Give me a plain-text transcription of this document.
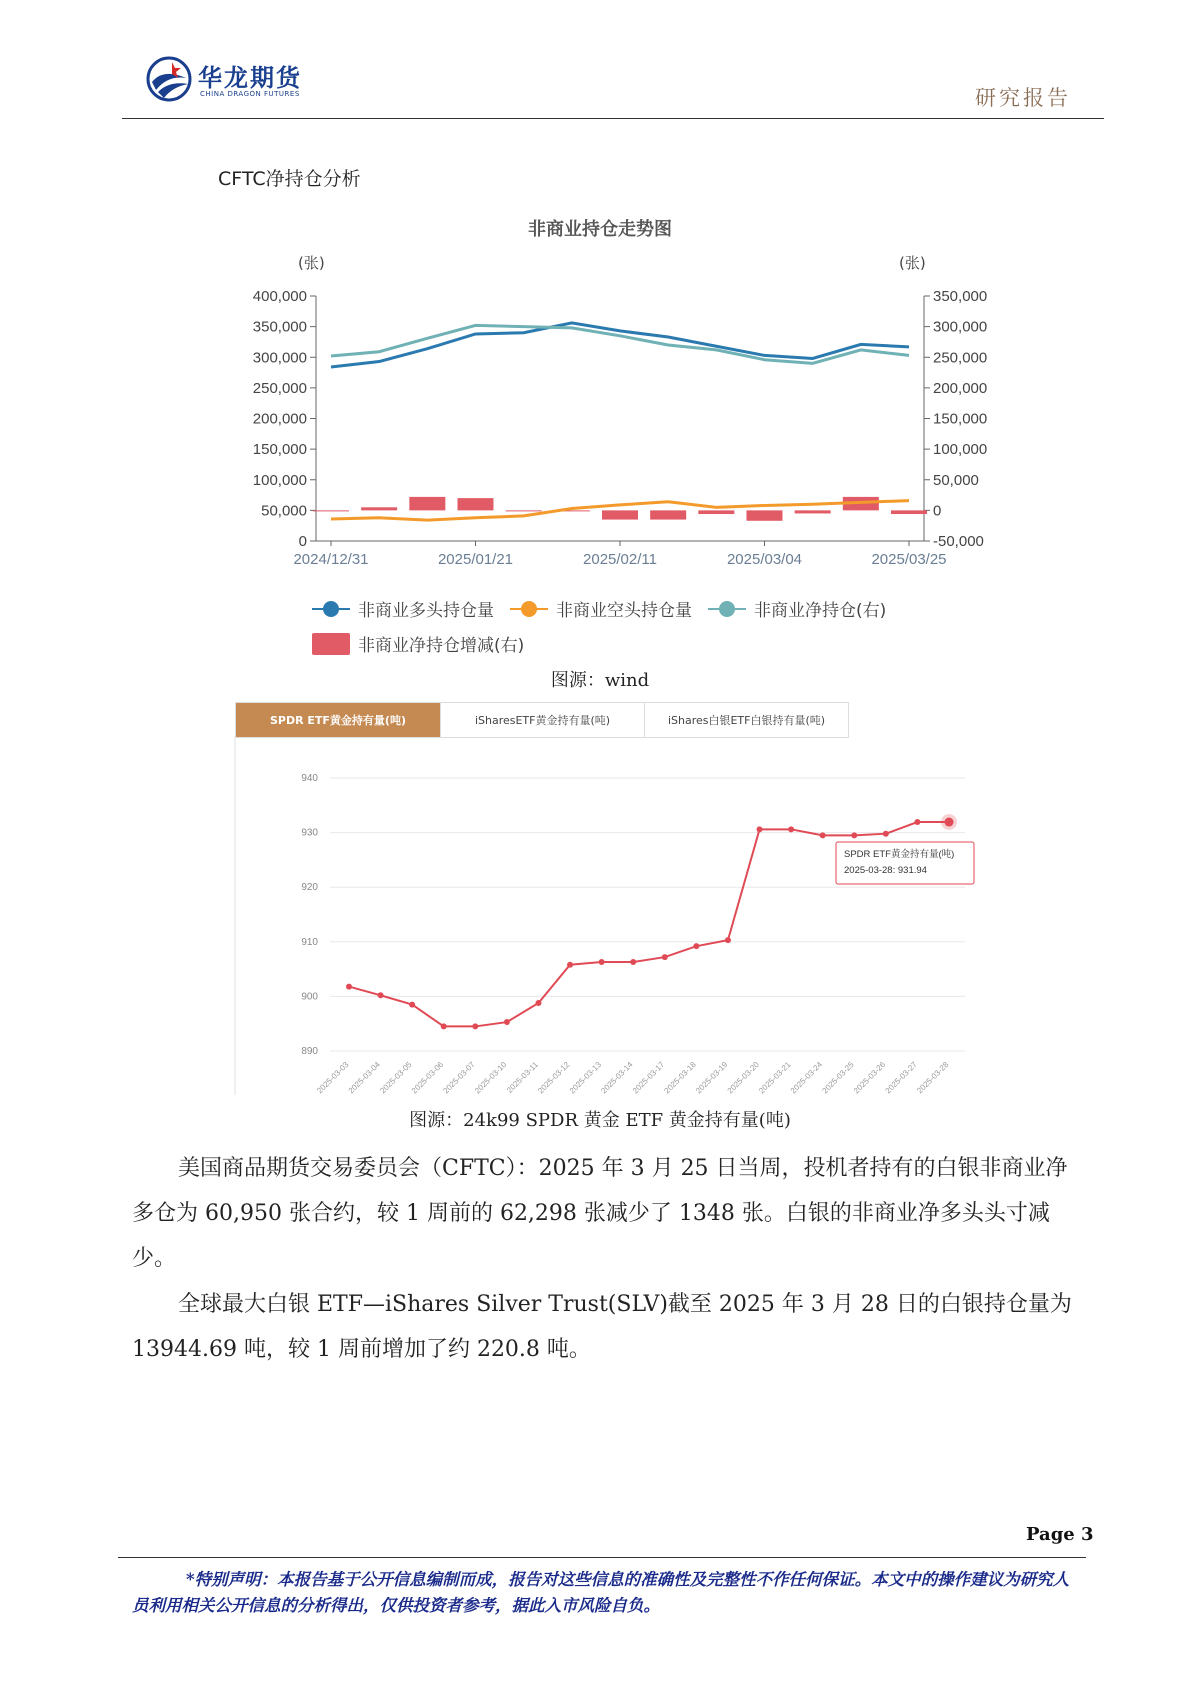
华龙期货
CHINA DRAGON FUTURES	研究报告
CFTC净持仓分析
非商业持仓走势图
(张)	(张)
0
50,000
100,000
150,000
200,000
250,000
300,000
350,000
400,000
-50,000
0
50,000
100,000
150,000
200,000
250,000
300,000
350,000
2024/12/31	2025/01/21	2025/02/11	2025/03/04	2025/03/25
非商业多头持仓量	非商业空头持仓量	非商业净持仓(右)
非商业净持仓增减(右)
图源：wind
SPDR ETF黄金持有量(吨)	iSharesETF黄金持有量(吨)	iShares白银ETF白银持有量(吨)
890
900
910
920
930
940
2025-03-03
2025-03-04
2025-03-05
2025-03-06
2025-03-07
2025-03-10
2025-03-11
2025-03-12
2025-03-13
2025-03-14
2025-03-17
2025-03-18
2025-03-19
2025-03-20
2025-03-21
2025-03-24
2025-03-25
2025-03-26
2025-03-27
2025-03-28
SPDR ETF黄金持有量(吨)
2025-03-28: 931.94
图源：24k99 SPDR 黄金 ETF 黄金持有量(吨)
美国商品期货交易委员会（CFTC）：2025 年 3 月 25 日当周，投机者持有的白银非商业净多仓为 60,950 张合约，较 1 周前的 62,298 张减少了 1348 张。白银的非商业净多头头寸减少。
全球最大白银 ETF—iShares Silver Trust(SLV)截至 2025 年 3 月 28 日的白银持仓量为 13944.69 吨，较 1 周前增加了约 220.8 吨。
Page 3
*特别声明：本报告基于公开信息编制而成，报告对这些信息的准确性及完整性不作任何保证。本文中的操作建议为研究人员利用相关公开信息的分析得出，仅供投资者参考，据此入市风险自负。
